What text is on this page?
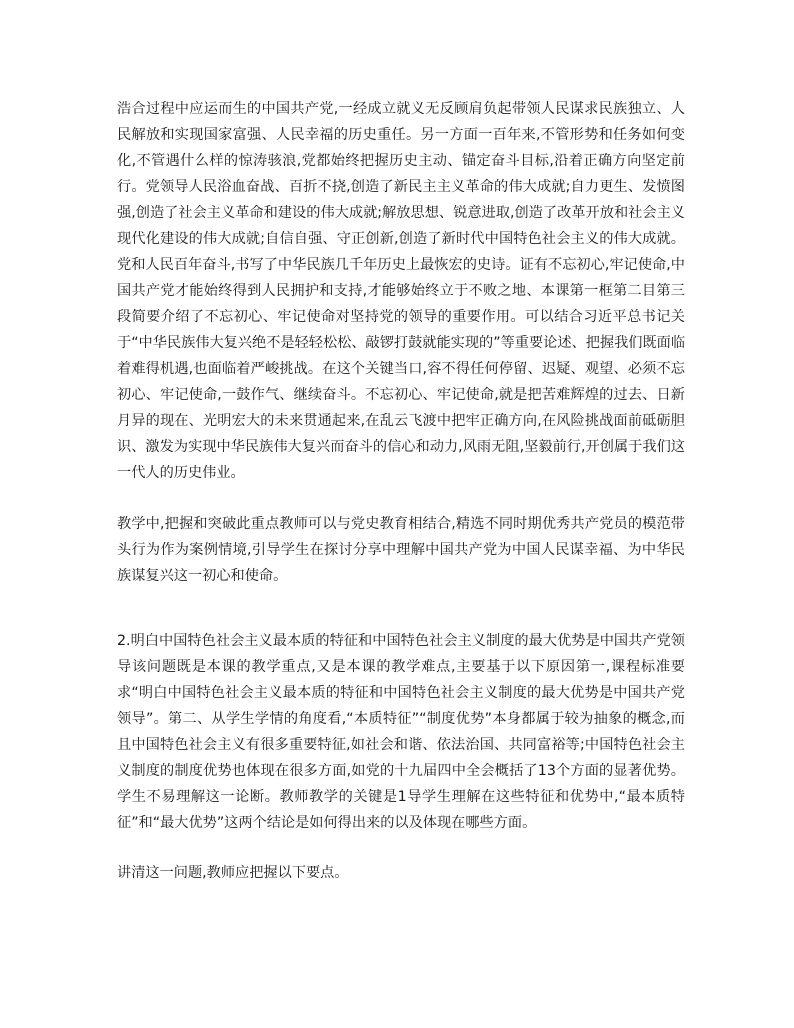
浩合过程中应运而生的中国共产党,一经成立就义无反顾肩负起带领人民谋求民族独立、人民解放和实现国家富强、人民幸福的历史重任。另一方面一百年来,不管形势和任务如何变化,不管遇什么样的惊涛骇浪,党都始终把握历史主动、锚定奋斗目标,沿着正确方向坚定前行。党领导人民浴血奋战、百折不挠,创造了新民主主义革命的伟大成就;自力更生、发愤图强,创造了社会主义革命和建设的伟大成就;解放思想、锐意进取,创造了改革开放和社会主义现代化建设的伟大成就;自信自强、守正创新,创造了新时代中国特色社会主义的伟大成就。党和人民百年奋斗,书写了中华民族几千年历史上最恢宏的史诗。证有不忘初心,牢记使命,中国共产党才能始终得到人民拥护和支持,才能够始终立于不败之地、本课第一框第二目第三段简要介绍了不忘初心、牢记使命对坚持党的领导的重要作用。可以结合习近平总书记关于“中华民族伟大复兴绝不是轻轻松松、敲锣打鼓就能实现的”等重要论述、把握我们既面临着难得机遇,也面临着严峻挑战。在这个关键当口,容不得任何停留、迟疑、观望、必须不忘初心、牢记使命,一鼓作气、继续奋斗。不忘初心、牢记使命,就是把苦难辉煌的过去、日新月异的现在、光明宏大的未来贯通起来,在乱云飞渡中把牢正确方向,在风险挑战面前砥砺胆识、激发为实现中华民族伟大复兴而奋斗的信心和动力,风雨无阻,坚毅前行,开创属于我们这一代人的历史伟业。

教学中,把握和突破此重点教师可以与党史教育相结合,精选不同时期优秀共产党员的模范带头行为作为案例情境,引导学生在探讨分享中理解中国共产党为中国人民谋幸福、为中华民族谋复兴这一初心和使命。

2.明白中国特色社会主义最本质的特征和中国特色社会主义制度的最大优势是中国共产党领导该问题既是本课的教学重点,又是本课的教学难点,主要基于以下原因第一,课程标准要求“明白中国特色社会主义最本质的特征和中国特色社会主义制度的最大优势是中国共产党领导”。第二、从学生学情的角度看,“本质特征”“制度优势”本身都属于较为抽象的概念,而且中国特色社会主义有很多重要特征,如社会和谐、依法治国、共同富裕等;中国特色社会主义制度的制度优势也体现在很多方面,如党的十九届四中全会概括了13个方面的显著优势。学生不易理解这一论断。教师教学的关键是1导学生理解在这些特征和优势中,“最本质特征”和“最大优势”这两个结论是如何得出来的以及体现在哪些方面。

讲清这一问题,教师应把握以下要点。
